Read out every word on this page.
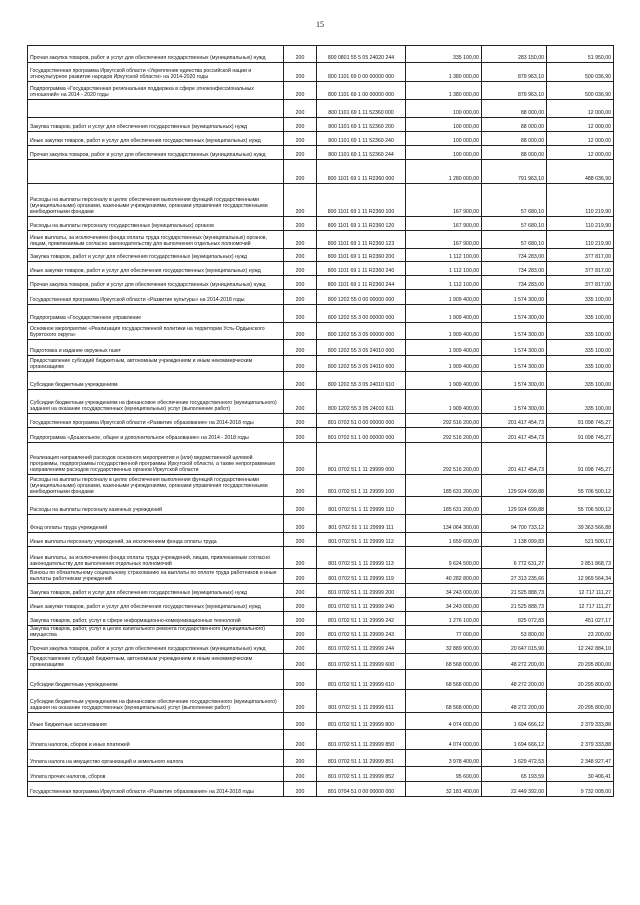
15
Прочая закупка товаров, работ и услуг для обеспечения государственных (муниципальных) нужд	200	800 0801 55 5 05 24020 244	335 100,00	283 150,00	51 950,00
Государственная программа Иркутской области «Укрепление единства российской нации и этнокультурное развитие народов Иркутской области» на 2014-2020 годы	200	800 1101 69 0 00 00000 000	1 380 000,00	879 963,10	500 036,90
Подпрограмма «Государственная региональная поддержка в сфере этноконфессиональных отношений» на 2014 - 2020 годы	200	800 1101 69 1 00 00000 000	1 380 000,00	879 963,10	500 036,90
	200	800 1101 69 1 11 52360 000	100 000,00	88 000,00	12 000,00
Закупка товаров, работ и услуг для обеспечения государственных (муниципальных) нужд	200	800 1101 69 1 11 52360 200	100 000,00	88 000,00	12 000,00
Иные закупки товаров, работ и услуг для обеспечения государственных (муниципальных) нужд	200	800 1101 69 1 11 52360 240	100 000,00	88 000,00	12 000,00
Прочая закупка товаров, работ и услуг для обеспечения государственных (муниципальных) нужд	200	800 1101 69 1 11 52360 244	100 000,00	88 000,00	12 000,00
	200	800 1101 69 1 11 R2360 000	1 280 000,00	791 963,10	488 036,90
Расходы на выплаты персоналу в целях обеспечения выполнения функций государственными (муниципальными) органами, казенными учреждениями, органами управления государственными внебюджетными фондами	200	800 1101 69 1 11 R2360 100	167 900,00	57 680,10	110 219,90
Расходы на выплаты персоналу государственных (муниципальных) органов	200	800 1101 69 1 11 R2360 120	167 900,00	57 680,10	110 219,90
Иные выплаты, за исключением фонда оплаты труда государственных (муниципальных) органов, лицам, привлекаемым согласно законодательству для выполнения отдельных полномочий	200	800 1101 69 1 11 R2360 123	167 900,00	57 680,10	110 219,90
Закупка товаров, работ и услуг для обеспечения государственных (муниципальных) нужд	200	800 1101 69 1 11 R2360 200	1 112 100,00	734 283,00	377 817,00
Иные закупки товаров, работ и услуг для обеспечения государственных (муниципальных) нужд	200	800 1101 69 1 11 R2360 240	1 112 100,00	734 283,00	377 817,00
Прочая закупка товаров, работ и услуг для обеспечения государственных (муниципальных) нужд	200	800 1101 69 1 11 R2360 244	1 112 100,00	734 283,00	377 817,00
Государственная программа Иркутской области «Развитие культуры» на 2014-2018 годы	200	800 1202 55 0 00 00000 000	1 909 400,00	1 574 300,00	335 100,00
Подпрограмма «Государственное управление	200	800 1202 55 3 00 00000 000	1 909 400,00	1 574 300,00	335 100,00
Основное мероприятие «Реализация государственной политики на территории Усть-Ордынского Бурятского округа»	200	800 1202 55 3 05 00000 000	1 909 400,00	1 574 300,00	335 100,00
Подготовка и издание окружных газет	200	800 1202 55 3 05 24010 000	1 909 400,00	1 574 300,00	335 100,00
Предоставление субсидий бюджетным, автономным учреждениям и иным некоммерческим организациям	200	800 1202 55 3 05 24010 600	1 909 400,00	1 574 300,00	335 100,00
Субсидии бюджетным учреждениям	200	800 1202 55 3 05 24010 610	1 909 400,00	1 574 300,00	335 100,00
Субсидии бюджетным учреждениям на финансовое обеспечение государственного (муниципального) задания на оказание государственных (муниципальных) услуг (выполнение работ)	200	800 1202 55 3 05 24010 611	1 909 400,00	1 574 300,00	335 100,00
Государственная программа Иркутской области «Развитие образования» на 2014-2018 годы	200	801 0702 51 0 00 00000 000	292 516 200,00	201 417 454,73	91 098 745,27
Подпрограмма «Дошкольное, общее и дополнительное образование» на 2014 - 2018 годы	200	801 0702 51 1 00 00000 000	292 516 200,00	201 417 454,73	91 098 745,27
Реализация направлений расходов основного мероприятия и (или) ведомственной целевой программы, подпрограммы государственной программы Иркутской области, а также непрограммным направлениям расходов государственных органов Иркутской области	200	801 0702 51 1 11 29999 000	292 516 200,00	201 417 454,73	91 098 745,27
Расходы на выплаты персоналу в целях обеспечения выполнения функций государственными (муниципальными) органами, казенными учреждениями, органами управления государственными внебюджетными фондами	200	801 0702 51 1 11 29999 100	185 631 200,00	129 924 699,88	55 706 500,12
Расходы на выплаты персоналу казенных учреждений	200	801 0702 51 1 11 29999 110	185 631 200,00	129 924 699,88	55 706 500,12
Фонд оплаты труда учреждений	200	801 0702 51 1 11 29999 111	134 064 300,00	94 700 733,12	39 363 566,88
Иные выплаты персоналу учреждений, за исключением фонда оплаты труда	200	801 0702 51 1 11 29999 112	1 659 600,00	1 138 099,83	521 500,17
Иные выплаты, за исключением фонда оплаты труда учреждений, лицам, привлекаемым согласно законодательству для выполнения отдельных полномочий	200	801 0702 51 1 11 29999 113	9 624 500,00	6 772 631,27	2 851 868,73
Взносы по обязательному социальному страхованию на выплаты по оплате труда работников и иные выплаты работникам учреждений	200	801 0702 51 1 11 29999 119	40 282 800,00	27 313 235,66	12 969 564,34
Закупка товаров, работ и услуг для обеспечения государственных (муниципальных) нужд	200	801 0702 51 1 11 29999 200	34 243 000,00	21 525 888,73	12 717 111,27
Иные закупки товаров, работ и услуг для обеспечения государственных (муниципальных) нужд	200	801 0702 51 1 11 29999 240	34 243 000,00	21 525 888,73	12 717 111,27
Закупка товаров, работ, услуг в сфере информационно-коммуникационных технологий	200	801 0702 51 1 11 29999 242	1 276 100,00	825 072,83	451 027,17
Закупка товаров, работ, услуг в целях капитального ремонта государственного (муниципального) имущества	200	801 0702 51 1 11 29999 243	77 000,00	53 800,00	23 200,00
Прочая закупка товаров, работ и услуг для обеспечения государственных (муниципальных) нужд	200	801 0702 51 1 11 29999 244	32 889 900,00	20 647 015,90	12 242 884,10
Предоставление субсидий бюджетным, автономным учреждениям и иным некоммерческим организациям	200	801 0702 51 1 11 29999 600	68 568 000,00	48 272 200,00	20 295 800,00
Субсидии бюджетным учреждениям	200	801 0702 51 1 11 29999 610	68 568 000,00	48 272 200,00	20 295 800,00
Субсидии бюджетным учреждениям на финансовое обеспечение государственного (муниципального) задания на оказание государственных (муниципальных) услуг (выполнение работ)	200	801 0702 51 1 11 29999 611	68 568 000,00	48 272 200,00	20 295 800,00
Иные бюджетные ассигнования	200	801 0702 51 1 11 29999 800	4 074 000,00	1 694 666,12	2 379 333,88
Уплата налогов, сборов и иных платежей	200	801 0702 51 1 11 29999 850	4 074 000,00	1 694 666,12	2 379 333,88
Уплата налога на имущество организаций и земельного налога	200	801 0702 51 1 11 29999 851	3 978 400,00	1 629 472,53	2 348 927,47
Уплата прочих налогов, сборов	200	801 0702 51 1 11 29999 852	95 600,00	65 193,59	30 406,41
Государственная программа Иркутской области «Развитие образования» на 2014-2018 годы	200	801 0704 51 0 00 00000 000	32 181 400,00	22 449 392,00	9 732 008,00
